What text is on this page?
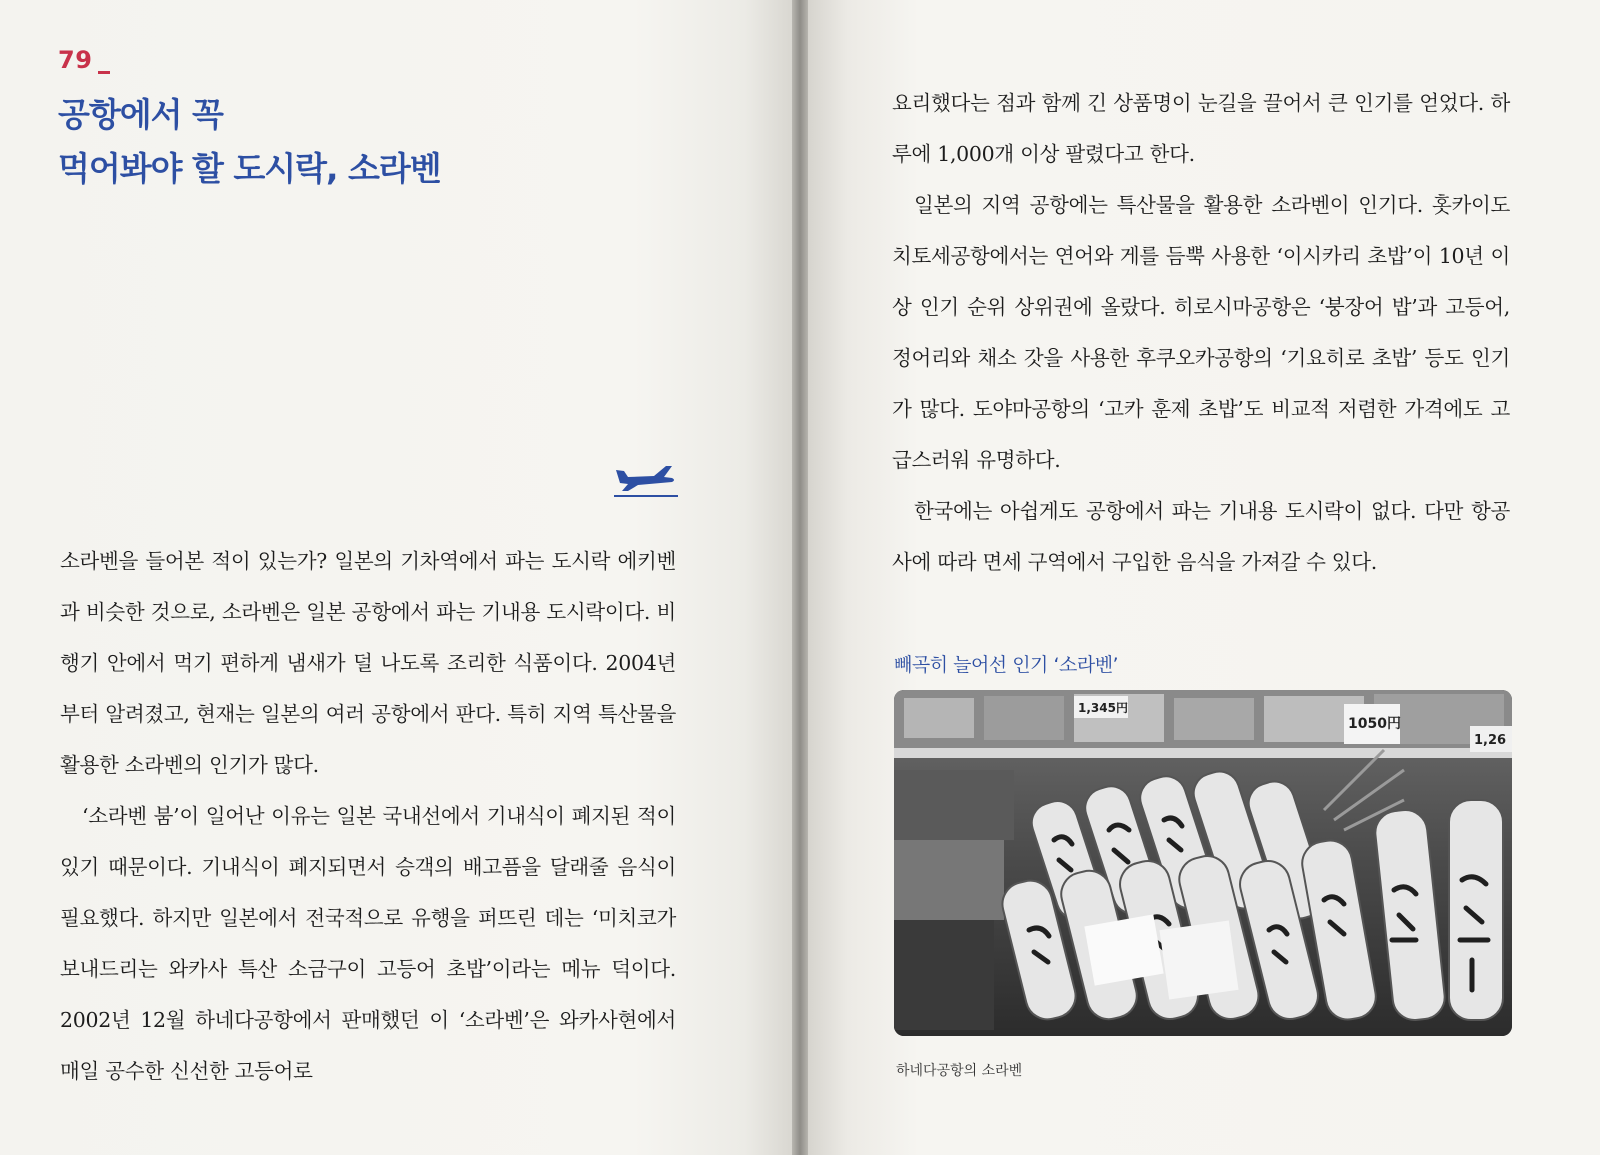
79
공항에서 꼭
먹어봐야 할 도시락, 소라벤

소라벤을 들어본 적이 있는가? 일본의 기차역에서 파는 도시락 에키벤과 비슷한 것으로, 소라벤은 일본 공항에서 파는 기내용 도시락이다. 비행기 안에서 먹기 편하게 냄새가 덜 나도록 조리한 식품이다. 2004년부터 알려졌고, 현재는 일본의 여러 공항에서 판다. 특히 지역 특산물을 활용한 소라벤의 인기가 많다.

‘소라벤 붐’이 일어난 이유는 일본 국내선에서 기내식이 폐지된 적이 있기 때문이다. 기내식이 폐지되면서 승객의 배고픔을 달래줄 음식이 필요했다. 하지만 일본에서 전국적으로 유행을 퍼뜨린 데는 ‘미치코가 보내드리는 와카사 특산 소금구이 고등어 초밥’이라는 메뉴 덕이다. 2002년 12월 하네다공항에서 판매했던 이 ‘소라벤’은 와카사현에서 매일 공수한 신선한 고등어로

요리했다는 점과 함께 긴 상품명이 눈길을 끌어서 큰 인기를 얻었다. 하루에 1,000개 이상 팔렸다고 한다.

일본의 지역 공항에는 특산물을 활용한 소라벤이 인기다. 홋카이도 치토세공항에서는 연어와 게를 듬뿍 사용한 ‘이시카리 초밥’이 10년 이상 인기 순위 상위권에 올랐다. 히로시마공항은 ‘붕장어 밥’과 고등어, 정어리와 채소 갓을 사용한 후쿠오카공항의 ‘기요히로 초밥’ 등도 인기가 많다. 도야마공항의 ‘고카 훈제 초밥’도 비교적 저렴한 가격에도 고급스러워 유명하다.

한국에는 아쉽게도 공항에서 파는 기내용 도시락이 없다. 다만 항공사에 따라 면세 구역에서 구입한 음식을 가져갈 수 있다.

빼곡히 늘어선 인기 ‘소라벤’
1,345円
1050円
1,26
하네다공항의 소라벤
